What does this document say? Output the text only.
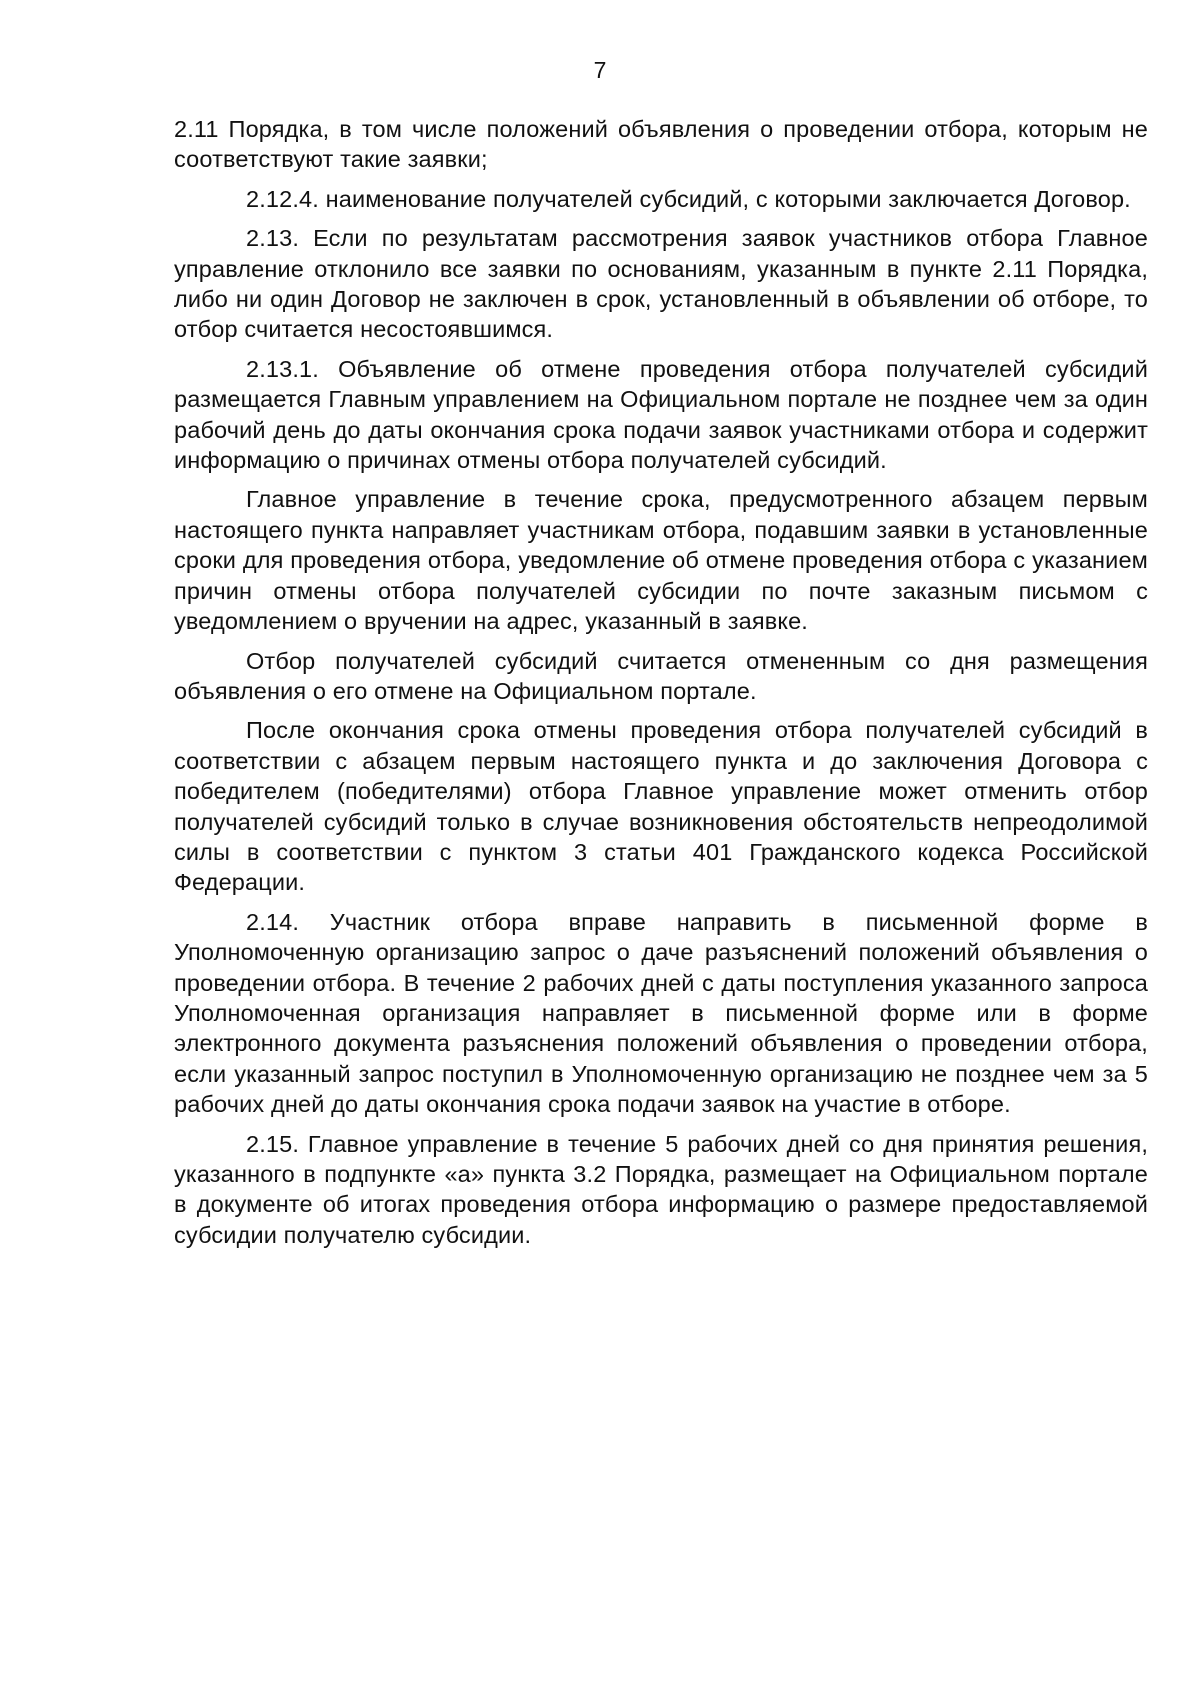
7

2.11 Порядка, в том числе положений объявления о проведении отбора, которым не соответствуют такие заявки;

2.12.4. наименование получателей субсидий, с которыми заключается Договор.

2.13. Если по результатам рассмотрения заявок участников отбора Главное управление отклонило все заявки по основаниям, указанным в пункте 2.11 Порядка, либо ни один Договор не заключен в срок, установленный в объявлении об отборе, то отбор считается несостоявшимся.

2.13.1. Объявление об отмене проведения отбора получателей субсидий размещается Главным управлением на Официальном портале не позднее чем за один рабочий день до даты окончания срока подачи заявок участниками отбора и содержит информацию о причинах отмены отбора получателей субсидий.

Главное управление в течение срока, предусмотренного абзацем первым настоящего пункта направляет участникам отбора, подавшим заявки в установленные сроки для проведения отбора, уведомление об отмене проведения отбора с указанием причин отмены отбора получателей субсидии по почте заказным письмом с уведомлением о вручении на адрес, указанный в заявке.

Отбор получателей субсидий считается отмененным со дня размещения объявления о его отмене на Официальном портале.

После окончания срока отмены проведения отбора получателей субсидий в соответствии с абзацем первым настоящего пункта и до заключения Договора с победителем (победителями) отбора Главное управление может отменить отбор получателей субсидий только в случае возникновения обстоятельств непреодолимой силы в соответствии с пунктом 3 статьи 401 Гражданского кодекса Российской Федерации.

2.14. Участник отбора вправе направить в письменной форме в Уполномоченную организацию запрос о даче разъяснений положений объявления о проведении отбора. В течение 2 рабочих дней с даты поступления указанного запроса Уполномоченная организация направляет в письменной форме или в форме электронного документа разъяснения положений объявления о проведении отбора, если указанный запрос поступил в Уполномоченную организацию не позднее чем за 5 рабочих дней до даты окончания срока подачи заявок на участие в отборе.

2.15. Главное управление в течение 5 рабочих дней со дня принятия решения, указанного в подпункте «а» пункта 3.2 Порядка, размещает на Официальном портале в документе об итогах проведения отбора информацию о размере предоставляемой субсидии получателю субсидии.
